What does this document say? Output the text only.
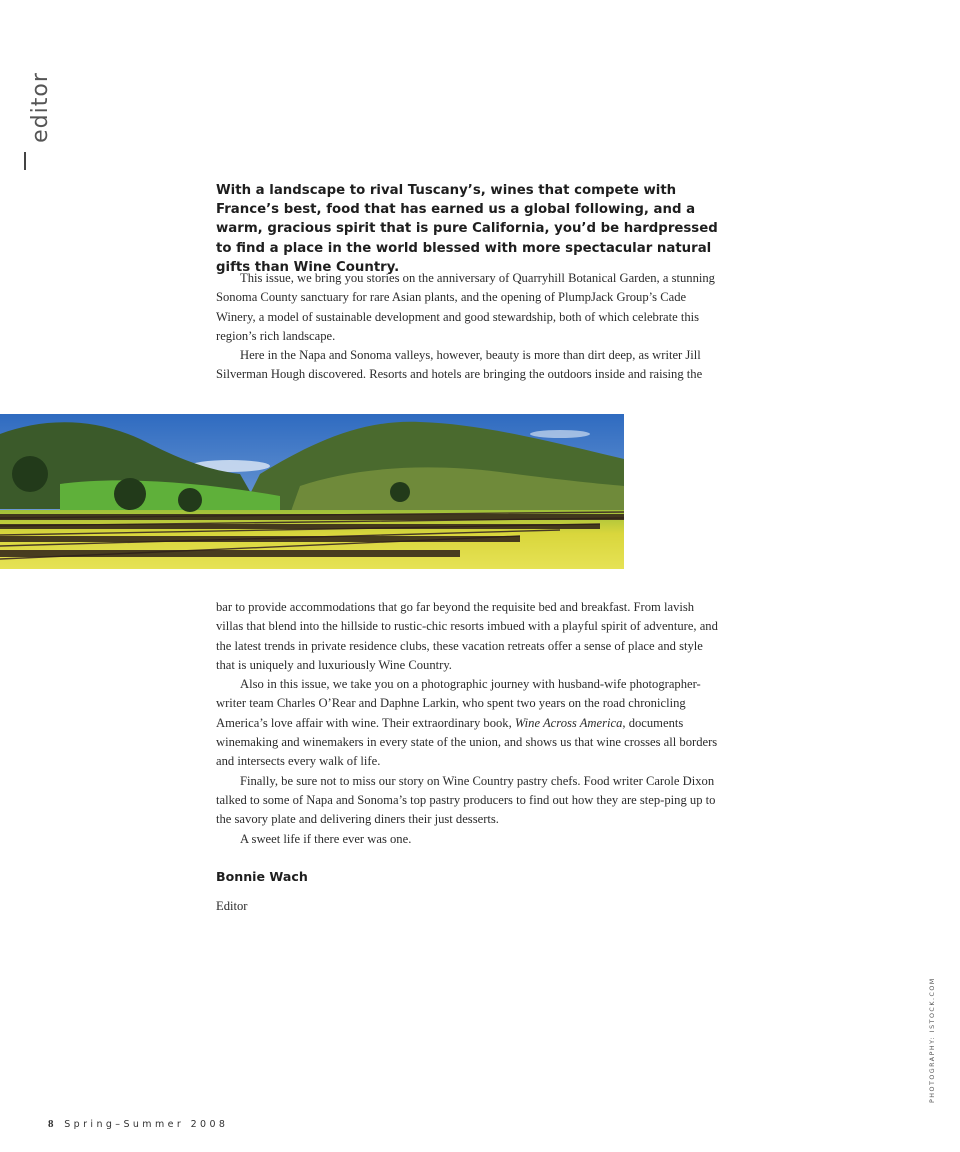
editor
With a landscape to rival Tuscany’s, wines that compete with France’s best, food that has earned us a global following, and a warm, gracious spirit that is pure California, you’d be hardpressed to find a place in the world blessed with more spectacular natural gifts than Wine Country.

This issue, we bring you stories on the anniversary of Quarryhill Botanical Garden, a stunning Sonoma County sanctuary for rare Asian plants, and the opening of PlumpJack Group’s Cade Winery, a model of sustainable development and good stewardship, both of which celebrate this region’s rich landscape.

Here in the Napa and Sonoma valleys, however, beauty is more than dirt deep, as writer Jill Silverman Hough discovered. Resorts and hotels are bringing the outdoors inside and raising the

bar to provide accommodations that go far beyond the requisite bed and breakfast. From lavish villas that blend into the hillside to rustic-chic resorts imbued with a playful spirit of adventure, and the latest trends in private residence clubs, these vacation retreats offer a sense of place and style that is uniquely and luxuriously Wine Country.

Also in this issue, we take you on a photographic journey with husband-wife photographer-writer team Charles O’Rear and Daphne Larkin, who spent two years on the road chronicling America’s love affair with wine. Their extraordinary book, Wine Across America, documents winemaking and winemakers in every state of the union, and shows us that wine crosses all borders and intersects every walk of life.

Finally, be sure not to miss our story on Wine Country pastry chefs. Food writer Carole Dixon talked to some of Napa and Sonoma’s top pastry producers to find out how they are step-ping up to the savory plate and delivering diners their just desserts.

A sweet life if there ever was one.

Bonnie Wach
Editor
PHOTOGRAPHY: ISTOCK.COM
8 Spring–Summer 2008
